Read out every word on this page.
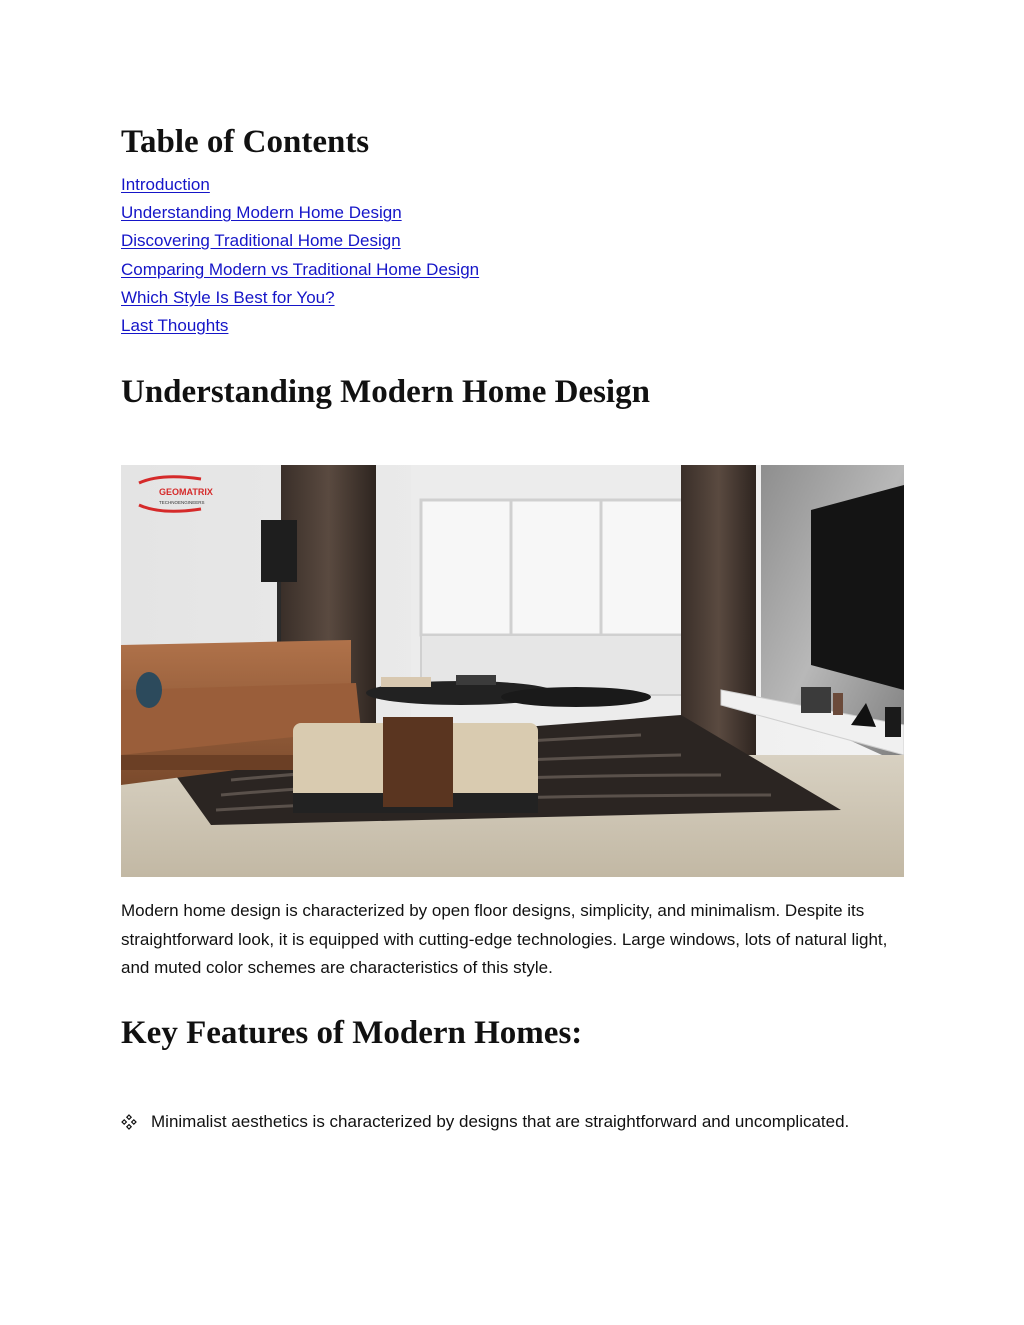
Table of Contents
Introduction
Understanding Modern Home Design
Discovering Traditional Home Design
Comparing Modern vs Traditional Home Design
Which Style Is Best for You?
Last Thoughts
Understanding Modern Home Design
GEOMATRIX
TECHNOENGINEERS

Modern home design is characterized by open floor designs, simplicity, and minimalism. Despite its straightforward look, it is equipped with cutting-edge technologies. Large windows, lots of natural light, and muted color schemes are characteristics of this style.

Key Features of Modern Homes:
Minimalist aesthetics is characterized by designs that are straightforward and uncomplicated.
